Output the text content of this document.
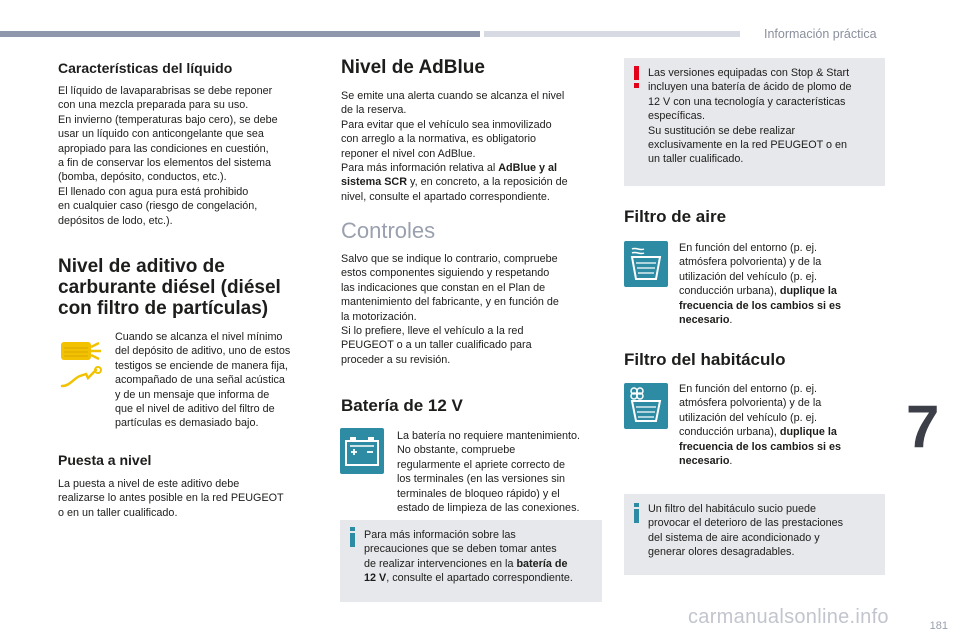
Información práctica
Características del líquido

El líquido de lavaparabrisas se debe reponer

con una mezcla preparada para su uso.

En invierno (temperaturas bajo cero), se debe

usar un líquido con anticongelante que sea

apropiado para las condiciones en cuestión,

a fin de conservar los elementos del sistema

(bomba, depósito, conductos, etc.).

El llenado con agua pura está prohibido

en cualquier caso (riesgo de congelación,

depósitos de lodo, etc.).

Nivel de aditivo de
carburante diésel (diésel
con filtro de partículas)

Cuando se alcanza el nivel mínimo

del depósito de aditivo, uno de estos

testigos se enciende de manera fija,

acompañado de una señal acústica

y de un mensaje que informa de

que el nivel de aditivo del filtro de

partículas es demasiado bajo.

Puesta a nivel

La puesta a nivel de este aditivo debe

realizarse lo antes posible en la red PEUGEOT

o en un taller cualificado.

Nivel de AdBlue

Se emite una alerta cuando se alcanza el nivel

de la reserva.

Para evitar que el vehículo sea inmovilizado

con arreglo a la normativa, es obligatorio

reponer el nivel con AdBlue.

Para más información relativa al AdBlue y al

sistema SCR y, en concreto, a la reposición de

nivel, consulte el apartado correspondiente.

Controles

Salvo que se indique lo contrario, compruebe

estos componentes siguiendo y respetando

las indicaciones que constan en el Plan de

mantenimiento del fabricante, y en función de

la motorización.

Si lo prefiere, lleve el vehículo a la red

PEUGEOT o a un taller cualificado para

proceder a su revisión.

Batería de 12 V

La batería no requiere mantenimiento.

No obstante, compruebe

regularmente el apriete correcto de

los terminales (en las versiones sin

terminales de bloqueo rápido) y el

estado de limpieza de las conexiones.

Para más información sobre las

precauciones que se deben tomar antes

de realizar intervenciones en la batería de

12 V, consulte el apartado correspondiente.

Las versiones equipadas con Stop & Start

incluyen una batería de ácido de plomo de

12 V con una tecnología y características

específicas.

Su sustitución se debe realizar

exclusivamente en la red PEUGEOT o en

un taller cualificado.

Filtro de aire

En función del entorno (p. ej.

atmósfera polvorienta) y de la

utilización del vehículo (p. ej.

conducción urbana), duplique la

frecuencia de los cambios si es

necesario.

Filtro del habitáculo

En función del entorno (p. ej.

atmósfera polvorienta) y de la

utilización del vehículo (p. ej.

conducción urbana), duplique la

frecuencia de los cambios si es

necesario.

Un filtro del habitáculo sucio puede

provocar el deterioro de las prestaciones

del sistema de aire acondicionado y

generar olores desagradables.

7
carmanualsonline.info	181
